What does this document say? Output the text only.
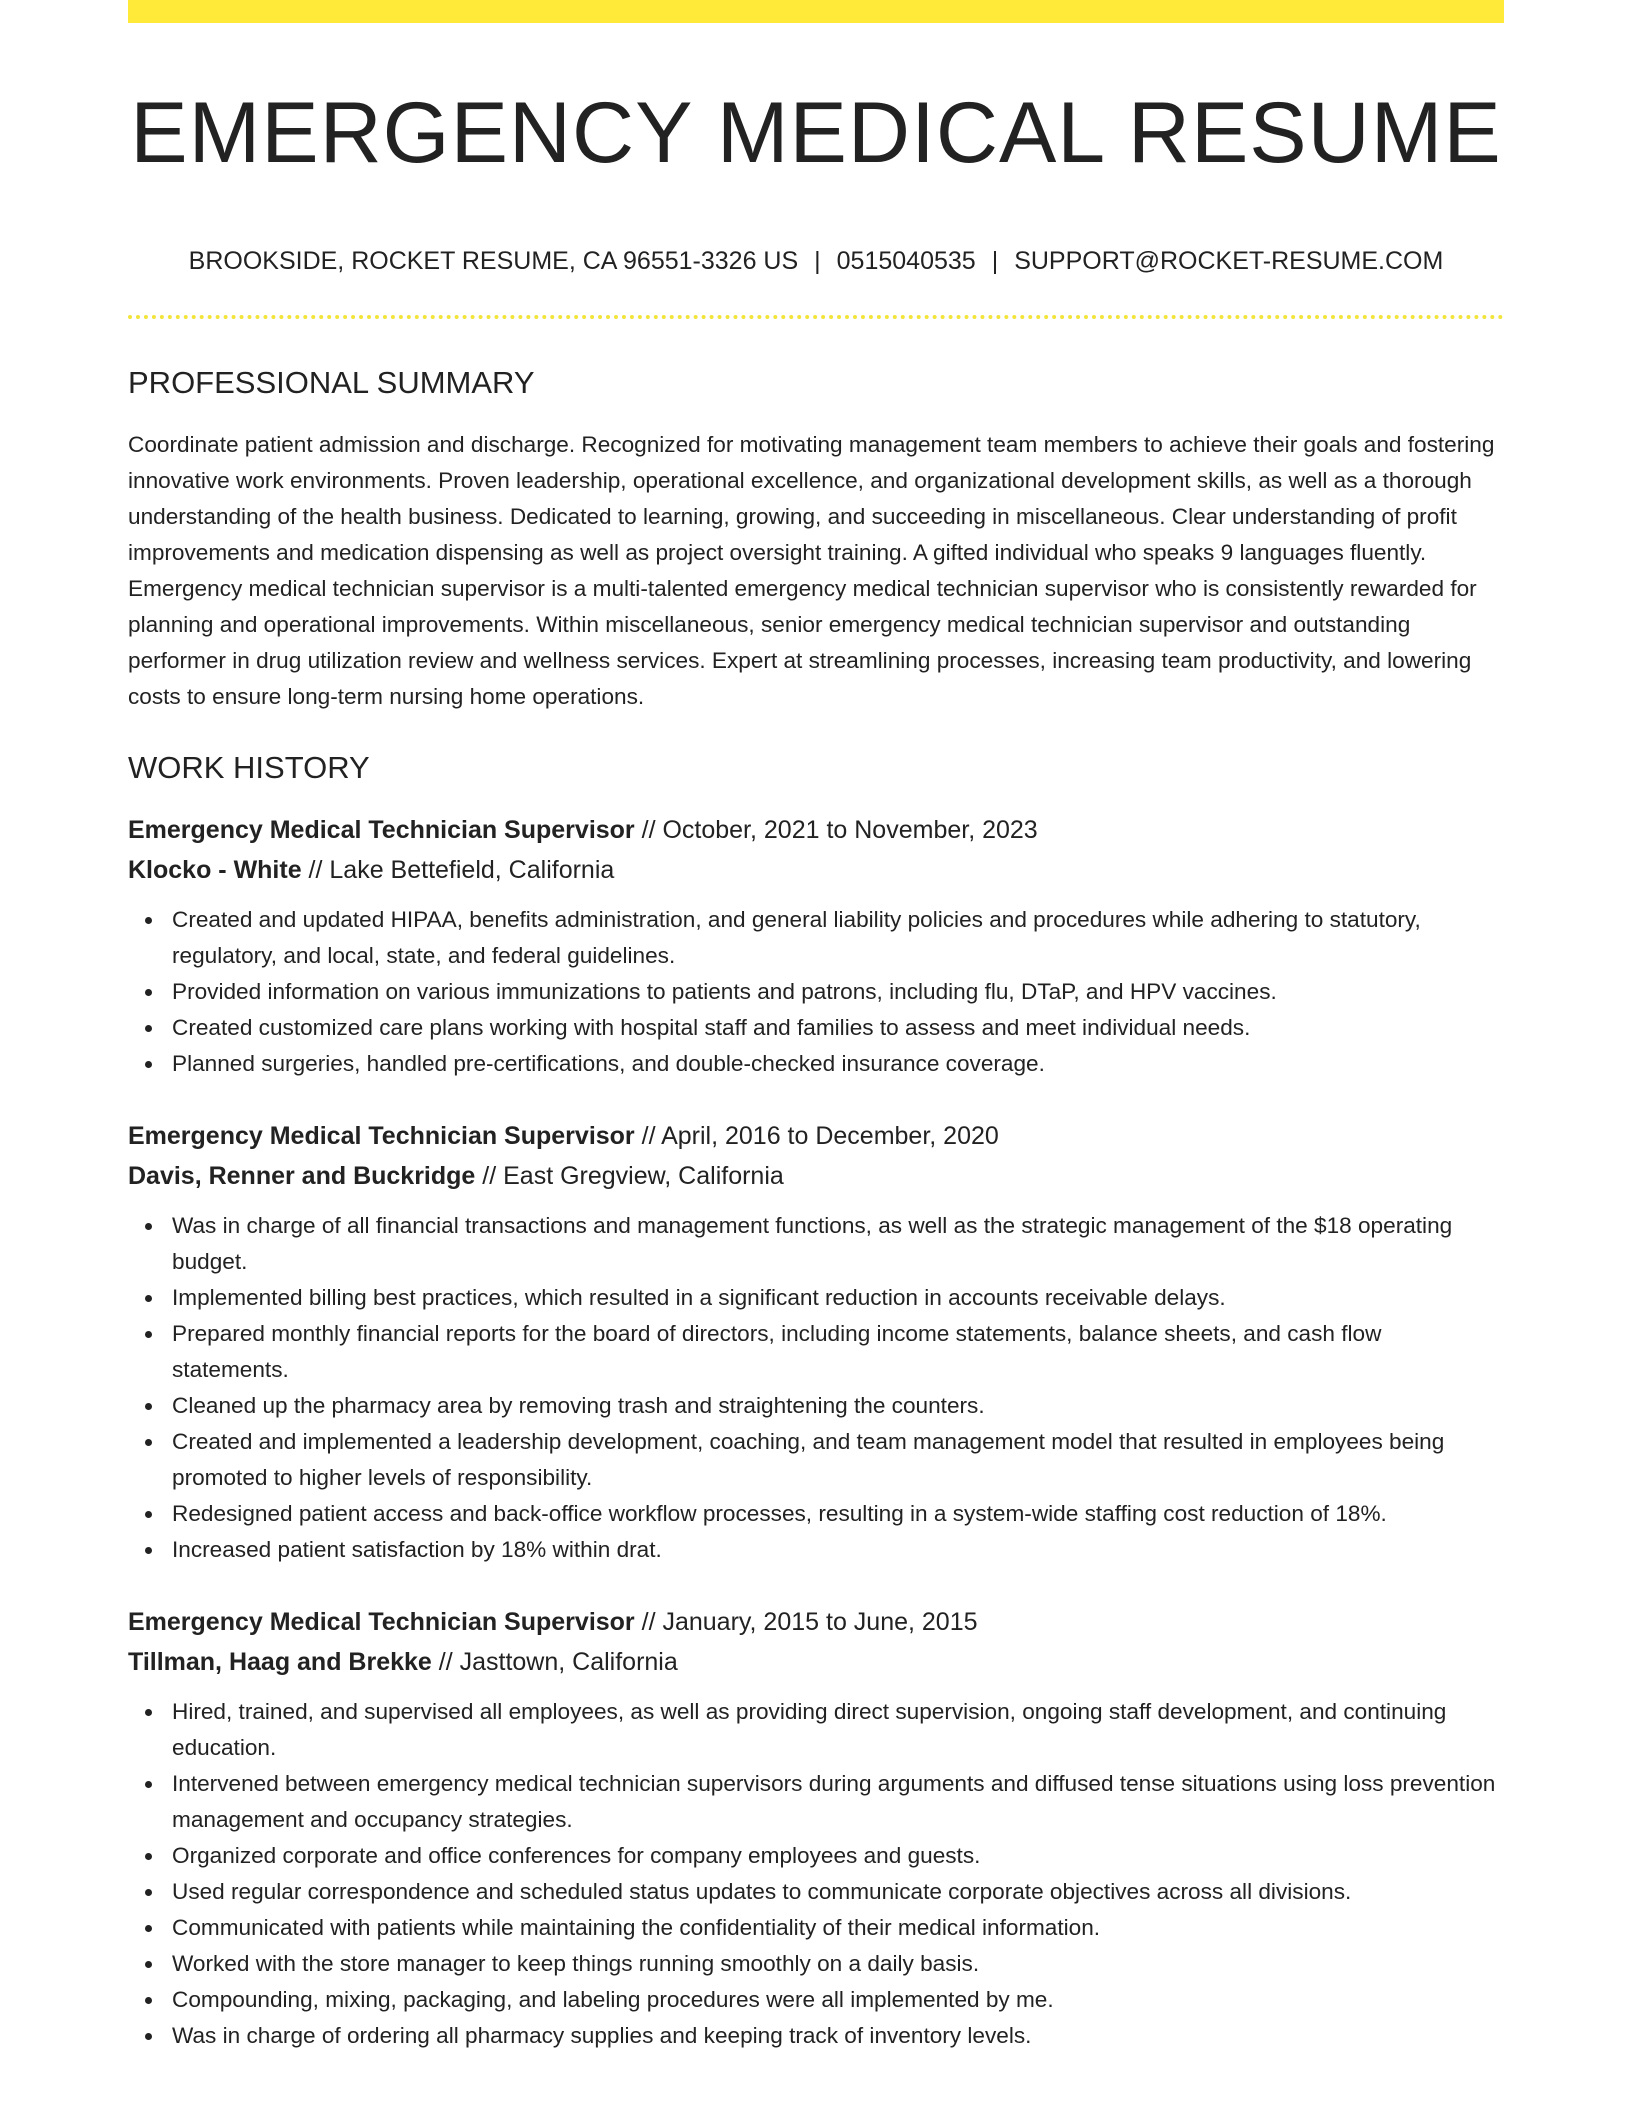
EMERGENCY MEDICAL RESUME
BROOKSIDE, ROCKET RESUME, CA 96551-3326 US | 0515040535 | SUPPORT@ROCKET-RESUME.COM
PROFESSIONAL SUMMARY

Coordinate patient admission and discharge. Recognized for motivating management team members to achieve their goals and fostering innovative work environments. Proven leadership, operational excellence, and organizational development skills, as well as a thorough understanding of the health business. Dedicated to learning, growing, and succeeding in miscellaneous. Clear understanding of profit improvements and medication dispensing as well as project oversight training. A gifted individual who speaks 9 languages fluently. Emergency medical technician supervisor is a multi-talented emergency medical technician supervisor who is consistently rewarded for planning and operational improvements. Within miscellaneous, senior emergency medical technician supervisor and outstanding performer in drug utilization review and wellness services. Expert at streamlining processes, increasing team productivity, and lowering costs to ensure long-term nursing home operations.

WORK HISTORY
Emergency Medical Technician Supervisor // October, 2021 to November, 2023
Klocko - White // Lake Bettefield, California
Created and updated HIPAA, benefits administration, and general liability policies and procedures while adhering to statutory, regulatory, and local, state, and federal guidelines.
Provided information on various immunizations to patients and patrons, including flu, DTaP, and HPV vaccines.
Created customized care plans working with hospital staff and families to assess and meet individual needs.
Planned surgeries, handled pre-certifications, and double-checked insurance coverage.
Emergency Medical Technician Supervisor // April, 2016 to December, 2020
Davis, Renner and Buckridge // East Gregview, California
Was in charge of all financial transactions and management functions, as well as the strategic management of the $18 operating budget.
Implemented billing best practices, which resulted in a significant reduction in accounts receivable delays.
Prepared monthly financial reports for the board of directors, including income statements, balance sheets, and cash flow statements.
Cleaned up the pharmacy area by removing trash and straightening the counters.
Created and implemented a leadership development, coaching, and team management model that resulted in employees being promoted to higher levels of responsibility.
Redesigned patient access and back-office workflow processes, resulting in a system-wide staffing cost reduction of 18%.
Increased patient satisfaction by 18% within drat.
Emergency Medical Technician Supervisor // January, 2015 to June, 2015
Tillman, Haag and Brekke // Jasttown, California
Hired, trained, and supervised all employees, as well as providing direct supervision, ongoing staff development, and continuing education.
Intervened between emergency medical technician supervisors during arguments and diffused tense situations using loss prevention management and occupancy strategies.
Organized corporate and office conferences for company employees and guests.
Used regular correspondence and scheduled status updates to communicate corporate objectives across all divisions.
Communicated with patients while maintaining the confidentiality of their medical information.
Worked with the store manager to keep things running smoothly on a daily basis.
Compounding, mixing, packaging, and labeling procedures were all implemented by me.
Was in charge of ordering all pharmacy supplies and keeping track of inventory levels.
